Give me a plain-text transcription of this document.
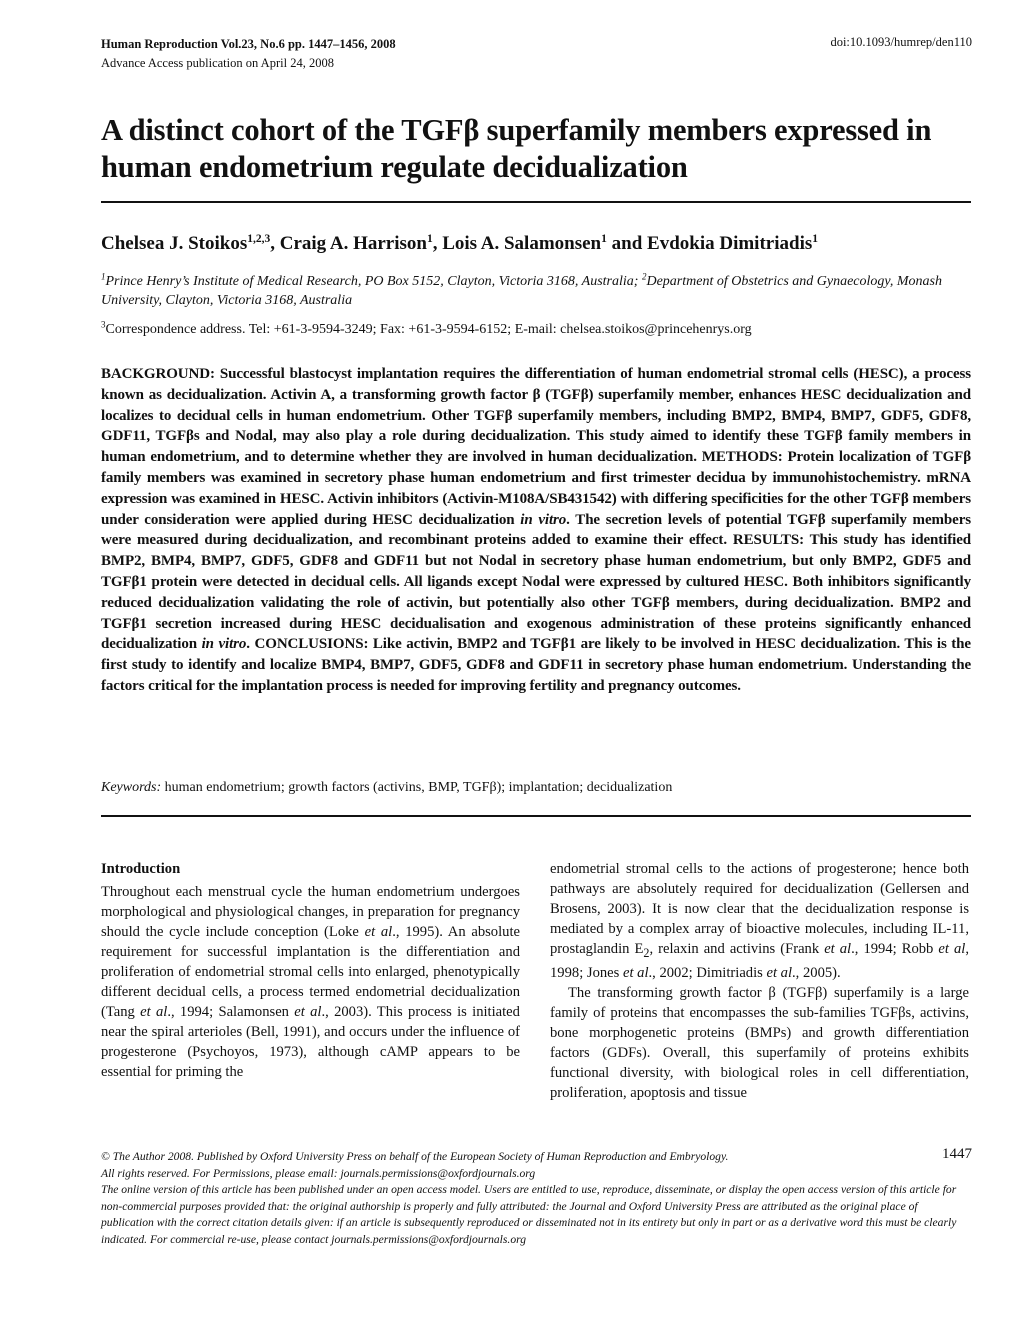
Human Reproduction Vol.23, No.6 pp. 1447–1456, 2008
Advance Access publication on April 24, 2008
doi:10.1093/humrep/den110
A distinct cohort of the TGFβ superfamily members expressed in human endometrium regulate decidualization
Chelsea J. Stoikos$^{1,2,3}$, Craig A. Harrison$^1$, Lois A. Salamonsen$^1$ and Evdokia Dimitriadis$^1$
$^1$Prince Henry’s Institute of Medical Research, PO Box 5152, Clayton, Victoria 3168, Australia; $^2$Department of Obstetrics and Gynaecology, Monash University, Clayton, Victoria 3168, Australia
$^3$Correspondence address. Tel: +61-3-9594-3249; Fax: +61-3-9594-6152; E-mail: chelsea.stoikos@princehenrys.org
BACKGROUND: Successful blastocyst implantation requires the differentiation of human endometrial stromal cells (HESC), a process known as decidualization. Activin A, a transforming growth factor β (TGFβ) superfamily member, enhances HESC decidualization and localizes to decidual cells in human endometrium. Other TGFβ superfamily members, including BMP2, BMP4, BMP7, GDF5, GDF8, GDF11, TGFβs and Nodal, may also play a role during decidualization. This study aimed to identify these TGFβ family members in human endometrium, and to determine whether they are involved in human decidualization. METHODS: Protein localization of TGFβ family members was examined in secretory phase human endometrium and first trimester decidua by immunohistochemistry. mRNA expression was examined in HESC. Activin inhibitors (Activin-M108A/SB431542) with differing specificities for the other TGFβ members under consideration were applied during HESC decidualization in vitro. The secretion levels of potential TGFβ superfamily members were measured during decidualization, and recombinant proteins added to examine their effect. RESULTS: This study has identified BMP2, BMP4, BMP7, GDF5, GDF8 and GDF11 but not Nodal in secretory phase human endometrium, but only BMP2, GDF5 and TGFβ1 protein were detected in decidual cells. All ligands except Nodal were expressed by cultured HESC. Both inhibitors significantly reduced decidualization validating the role of activin, but potentially also other TGFβ members, during decidualization. BMP2 and TGFβ1 secretion increased during HESC decidualisation and exogenous administration of these proteins significantly enhanced decidualization in vitro. CONCLUSIONS: Like activin, BMP2 and TGFβ1 are likely to be involved in HESC decidualization. This is the first study to identify and localize BMP4, BMP7, GDF5, GDF8 and GDF11 in secretory phase human endometrium. Understanding the factors critical for the implantation process is needed for improving fertility and pregnancy outcomes.
Keywords: human endometrium; growth factors (activins, BMP, TGFβ); implantation; decidualization
Introduction

Throughout each menstrual cycle the human endometrium undergoes morphological and physiological changes, in preparation for pregnancy should the cycle include conception (Loke et al., 1995). An absolute requirement for successful implantation is the differentiation and proliferation of endometrial stromal cells into enlarged, phenotypically different decidual cells, a process termed endometrial decidualization (Tang et al., 1994; Salamonsen et al., 2003). This process is initiated near the spiral arterioles (Bell, 1991), and occurs under the influence of progesterone (Psychoyos, 1973), although cAMP appears to be essential for priming the

endometrial stromal cells to the actions of progesterone; hence both pathways are absolutely required for decidualization (Gellersen and Brosens, 2003). It is now clear that the decidualization response is mediated by a complex array of bioactive molecules, including IL-11, prostaglandin $E_2$, relaxin and activins (Frank et al., 1994; Robb et al, 1998; Jones et al., 2002; Dimitriadis et al., 2005).

The transforming growth factor β (TGFβ) superfamily is a large family of proteins that encompasses the sub-families TGFβs, activins, bone morphogenetic proteins (BMPs) and growth differentiation factors (GDFs). Overall, this superfamily of proteins exhibits functional diversity, with biological roles in cell differentiation, proliferation, apoptosis and tissue

© The Author 2008. Published by Oxford University Press on behalf of the European Society of Human Reproduction and Embryology.

All rights reserved. For Permissions, please email: journals.permissions@oxfordjournals.org

The online version of this article has been published under an open access model. Users are entitled to use, reproduce, disseminate, or display the open access version of this article for non-commercial purposes provided that: the original authorship is properly and fully attributed: the Journal and Oxford University Press are attributed as the original place of publication with the correct citation details given: if an article is subsequently reproduced or disseminated not in its entirety but only in part or as a derivative word this must be clearly indicated. For commercial re-use, please contact journals.permissions@oxfordjournals.org

1447
